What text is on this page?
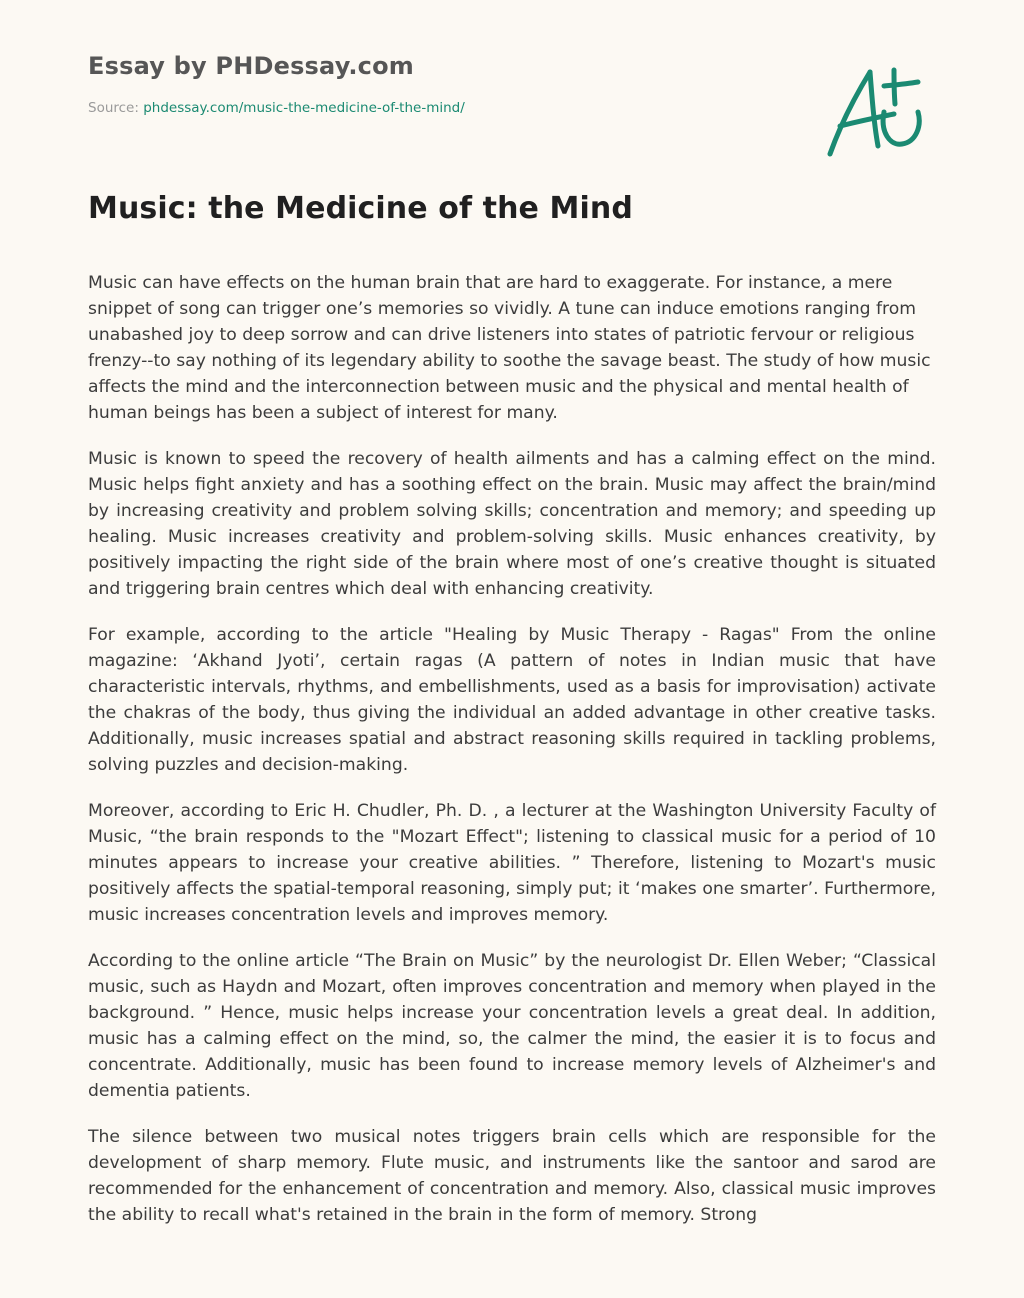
Essay by PHDessay.com
Source: phdessay.com/music-the-medicine-of-the-mind/
Music: the Medicine of the Mind

Music can have effects on the human brain that are hard to exaggerate. For instance, a mere snippet of song can trigger one’s memories so vividly. A tune can induce emotions ranging from unabashed joy to deep sorrow and can drive listeners into states of patriotic fervour or religious frenzy--to say nothing of its legendary ability to soothe the savage beast. The study of how music affects the mind and the interconnection between music and the physical and mental health of human beings has been a subject of interest for many.

Music is known to speed the recovery of health ailments and has a calming effect on the mind. Music helps fight anxiety and has a soothing effect on the brain. Music may affect the brain/mind by increasing creativity and problem solving skills; concentration and memory; and speeding up healing. Music increases creativity and problem-solving skills. Music enhances creativity, by positively impacting the right side of the brain where most of one’s creative thought is situated and triggering brain centres which deal with enhancing creativity.

For example, according to the article "Healing by Music Therapy - Ragas" From the online magazine: ‘Akhand Jyoti’, certain ragas (A pattern of notes in Indian music that have characteristic intervals, rhythms, and embellishments, used as a basis for improvisation) activate the chakras of the body, thus giving the individual an added advantage in other creative tasks. Additionally, music increases spatial and abstract reasoning skills required in tackling problems, solving puzzles and decision-making.

Moreover, according to Eric H. Chudler, Ph. D. , a lecturer at the Washington University Faculty of Music, “the brain responds to the "Mozart Effect"; listening to classical music for a period of 10 minutes appears to increase your creative abilities. ” Therefore, listening to Mozart's music positively affects the spatial-temporal reasoning, simply put; it ‘makes one smarter’. Furthermore, music increases concentration levels and improves memory.

According to the online article “The Brain on Music” by the neurologist Dr. Ellen Weber; “Classical music, such as Haydn and Mozart, often improves concentration and memory when played in the background. ” Hence, music helps increase your concentration levels a great deal. In addition, music has a calming effect on the mind, so, the calmer the mind, the easier it is to focus and concentrate. Additionally, music has been found to increase memory levels of Alzheimer's and dementia patients.

The silence between two musical notes triggers brain cells which are responsible for the development of sharp memory. Flute music, and instruments like the santoor and sarod are recommended for the enhancement of concentration and memory. Also, classical music improves the ability to recall what's retained in the brain in the form of memory. Strong
